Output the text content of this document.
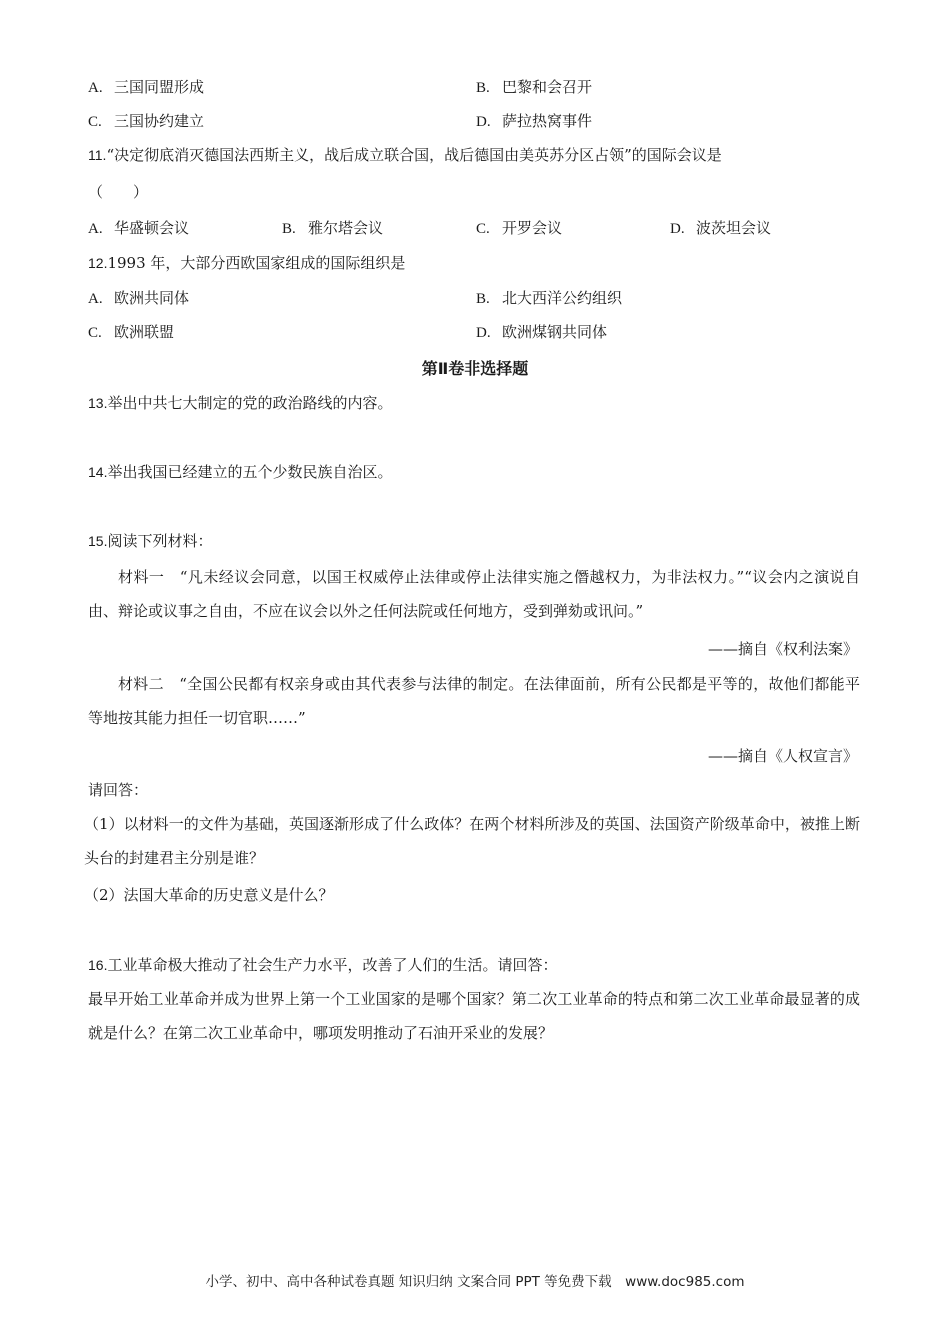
A. 三国同盟形成	B. 巴黎和会召开
C. 三国协约建立	D. 萨拉热窝事件
11.“决定彻底消灭德国法西斯主义，战后成立联合国，战后德国由美英苏分区占领”的国际会议是
（　　）
A. 华盛顿会议	B. 雅尔塔会议	C. 开罗会议	D. 波茨坦会议
12.1993 年，大部分西欧国家组成的国际组织是
A. 欧洲共同体	B. 北大西洋公约组织
C. 欧洲联盟	D. 欧洲煤钢共同体
第Ⅱ卷非选择题
13.举出中共七大制定的党的政治路线的内容。
14.举出我国已经建立的五个少数民族自治区。
15.阅读下列材料：
材料一　“凡未经议会同意，以国王权威停止法律或停止法律实施之僭越权力，为非法权力。”“议会内之演说自由、辩论或议事之自由，不应在议会以外之任何法院或任何地方，受到弹劾或讯问。”
——摘自《权利法案》
材料二　“全国公民都有权亲身或由其代表参与法律的制定。在法律面前，所有公民都是平等的，故他们都能平等地按其能力担任一切官职……”
——摘自《人权宣言》
请回答：
（1）以材料一的文件为基础，英国逐渐形成了什么政体？在两个材料所涉及的英国、法国资产阶级革命中，被推上断头台的封建君主分别是谁？
（2）法国大革命的历史意义是什么？
16.工业革命极大推动了社会生产力水平，改善了人们的生活。请回答：
最早开始工业革命并成为世界上第一个工业国家的是哪个国家？第二次工业革命的特点和第二次工业革命最显著的成就是什么？在第二次工业革命中，哪项发明推动了石油开采业的发展？
小学、初中、高中各种试卷真题 知识归纳 文案合同 PPT 等免费下载　www.doc985.com
